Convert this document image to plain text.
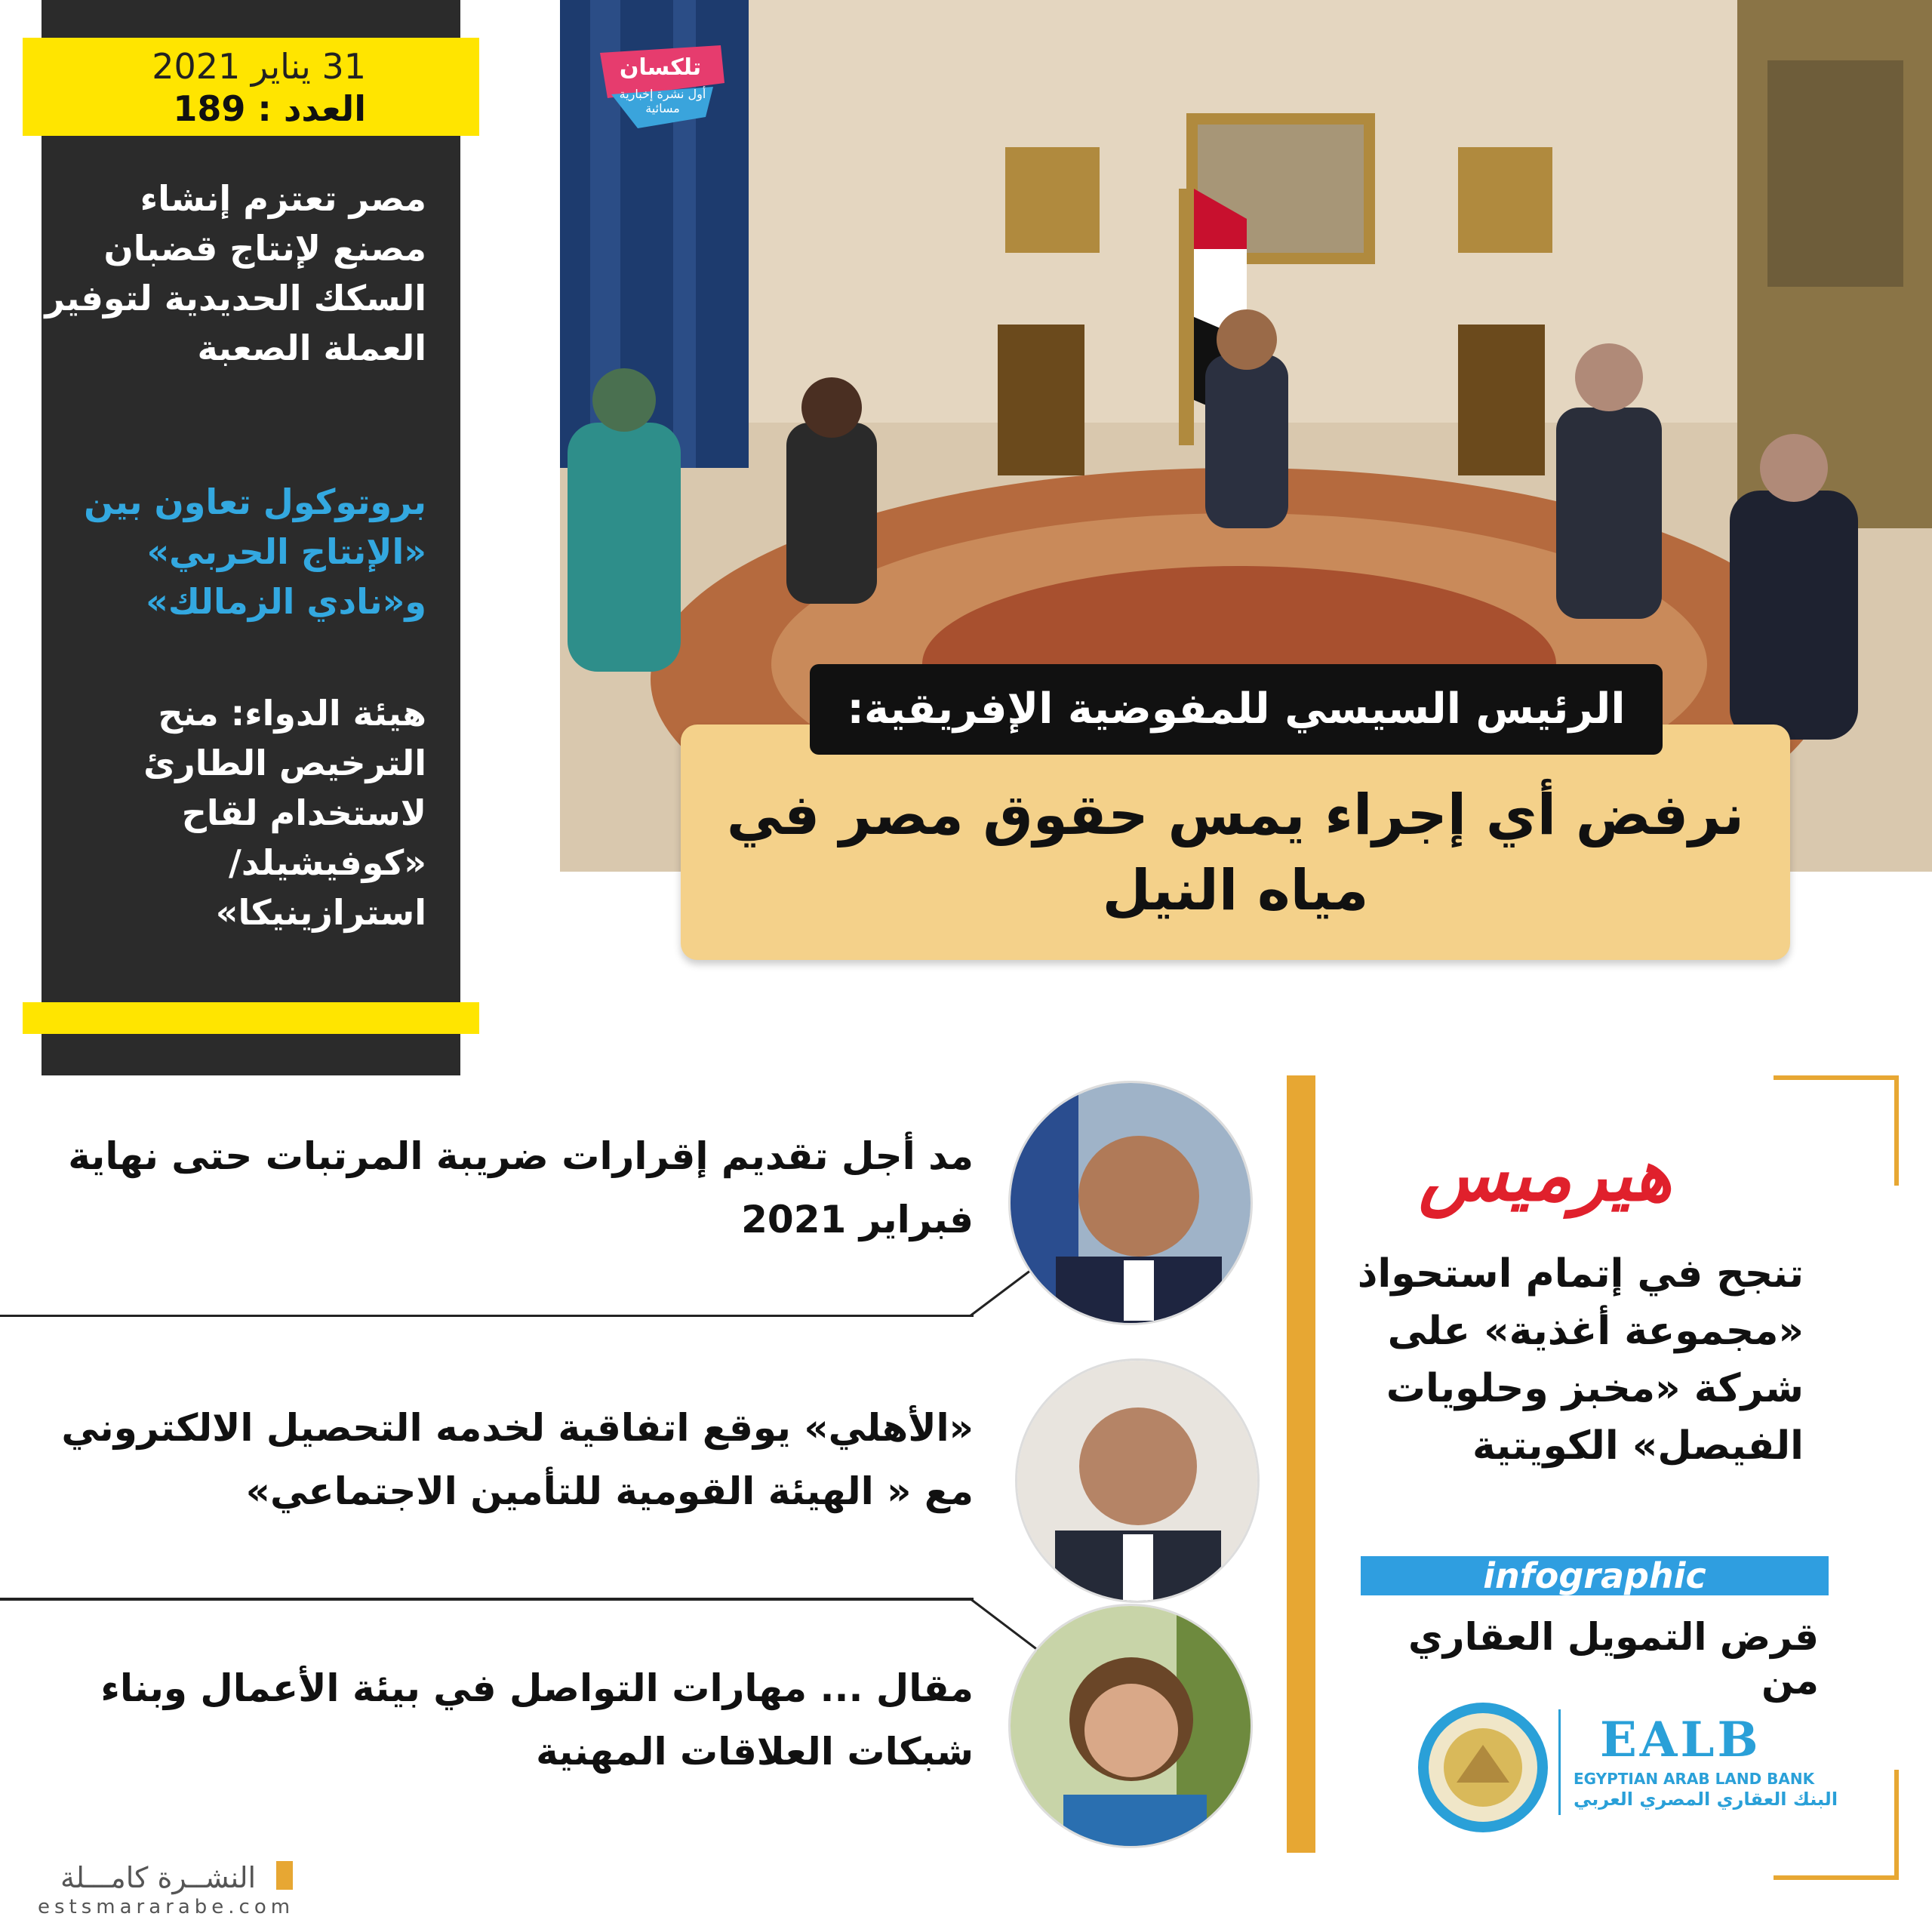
31 يناير 2021
العدد : 189
مصر تعتزم إنشاء مصنع لإنتاج قضبان السكك الحديدية لتوفير العملة الصعبة
بروتوكول تعاون بين «الإنتاج الحربي» و«نادي الزمالك»
هيئة الدواء: منح الترخيص الطارئ لاستخدام لقاح «كوفيشيلد/ استرازينيكا»
تلكسان
أول نشرة إخبارية مسائية
نرفض أي إجراء يمس حقوق مصر في مياه النيل
الرئيس السيسي للمفوضية الإفريقية:
مد أجل تقديم إقرارات ضريبة المرتبات حتى نهاية فبراير 2021
«الأهلي» يوقع اتفاقية لخدمه التحصيل الالكتروني مع « الهيئة القومية للتأمين الاجتماعي»
مقال ... مهارات التواصل في بيئة الأعمال وبناء شبكات العلاقات المهنية
هيرميس
تنجح في إتمام استحواذ «مجموعة أغذية» على شركة «مخبز وحلويات الفيصل» الكويتية
infographic
قرض التمويل العقاري من
EALB
EGYPTIAN ARAB LAND BANK
البنك العقاري المصري العربي
النشــرة كامـــلة
estsmararabe.com
